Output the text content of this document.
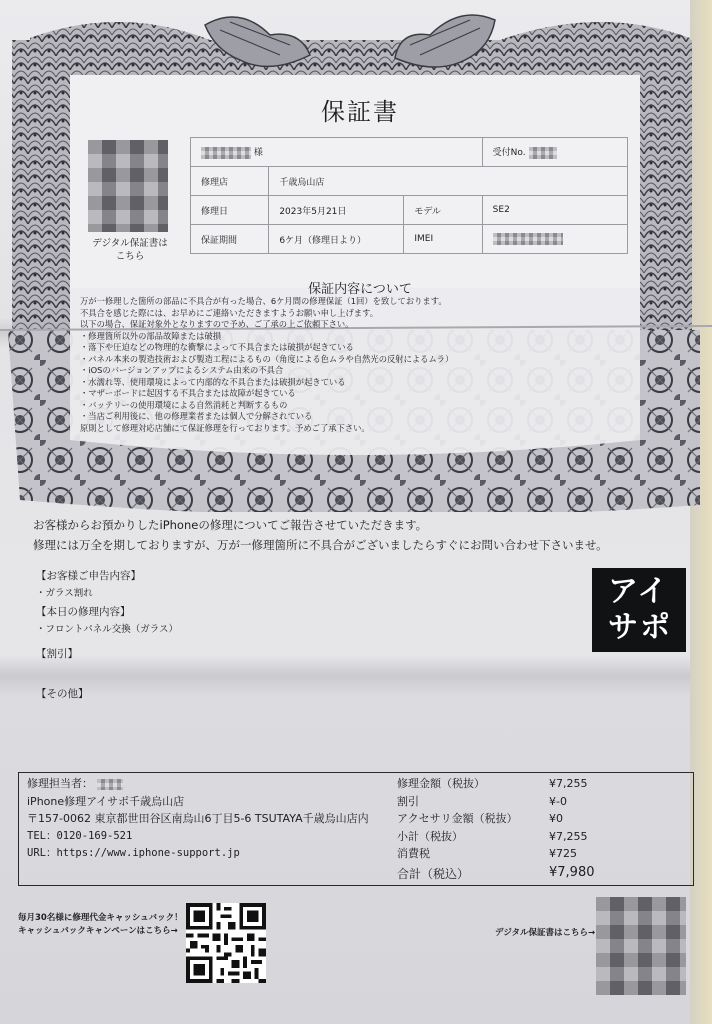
保証書
デジタル保証書は
こちら
様			受付No.
修理店	千歳烏山店		
修理日	2023年5月21日	モデル	SE2
保証期間	6ケ月（修理日より）	IMEI	
保証内容について
万が一修理した箇所の部品に不具合が有った場合、6ケ月間の修理保証（1回）を致しております。
不具合を感じた際には、お早めにご連絡いただきますようお願い申し上げます。
以下の場合、保証対象外となりますので予め、ご了承の上ご依頼下さい。
・修理箇所以外の部品故障または破損
・落下や圧迫などの物理的な衝撃によって不具合または破損が起きている
・パネル本来の製造技術および製造工程によるもの（角度による色ムラや自然光の反射によるムラ）
・iOSのバージョンアップによるシステム由来の不具合
・水濡れ等、使用環境によって内部的な不具合または破損が起きている
・マザーボードに起因する不具合または故障が起きている
・バッテリーの使用環境による自然消耗と判断するもの
・当店ご利用後に、他の修理業者または個人で分解されている
原則として修理対応店舗にて保証修理を行っております。予めご了承下さい。
お客様からお預かりしたiPhoneの修理についてご報告させていただきます。
修理には万全を期しておりますが、万が一修理箇所に不具合がございましたらすぐにお問い合わせ下さいませ。
【お客様ご申告内容】
・ガラス割れ
【本日の修理内容】
・フロントパネル交換（ガラス）
【割引】
【その他】
アイ
サポ
修理担当者：
iPhone修理アイサポ千歳烏山店
〒157-0062 東京都世田谷区南烏山6丁目5-6 TSUTAYA千歳烏山店内
TEL：0120-169-521
URL：https://www.iphone-support.jp
修理金額（税抜）	¥7,255
割引	¥-0
アクセサリ金額（税抜）	¥0
小計（税抜）	¥7,255
消費税	¥725
合計（税込）	¥7,980
毎月30名様に修理代金キャッシュバック！
キャッシュバックキャンペーンはこちら→	デジタル保証書はこちら→
